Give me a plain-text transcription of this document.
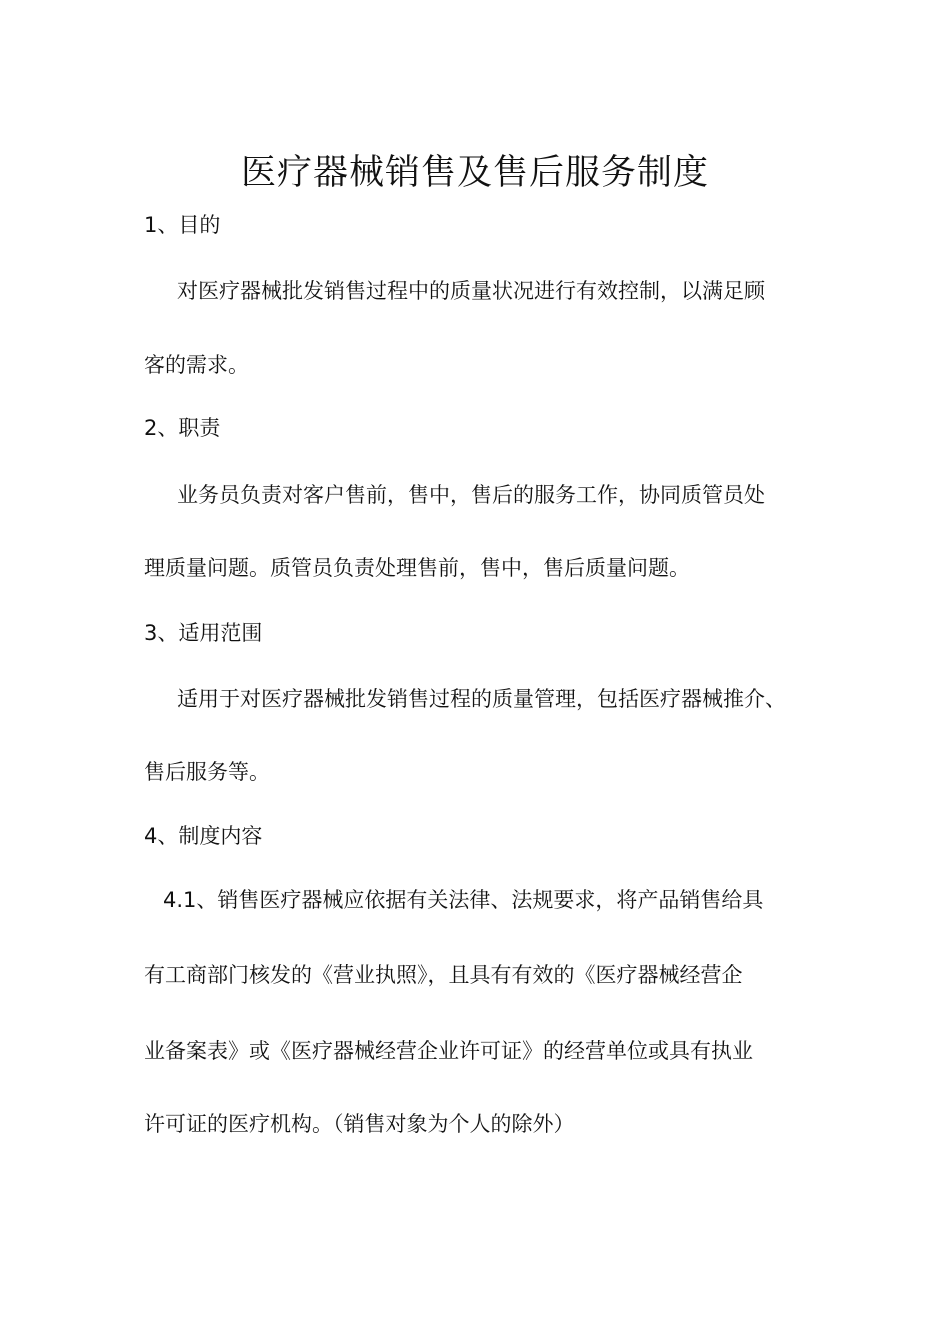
医疗器械销售及售后服务制度
1、目的
对医疗器械批发销售过程中的质量状况进行有效控制，以满足顾
客的需求。
2、职责
业务员负责对客户售前，售中，售后的服务工作，协同质管员处
理质量问题。质管员负责处理售前，售中，售后质量问题。
3、适用范围
适用于对医疗器械批发销售过程的质量管理，包括医疗器械推介、
售后服务等。
4、制度内容
4.1、销售医疗器械应依据有关法律、法规要求，将产品销售给具
有工商部门核发的《营业执照》，且具有有效的《医疗器械经营企
业备案表》或《医疗器械经营企业许可证》的经营单位或具有执业
许可证的医疗机构。（销售对象为个人的除外）
